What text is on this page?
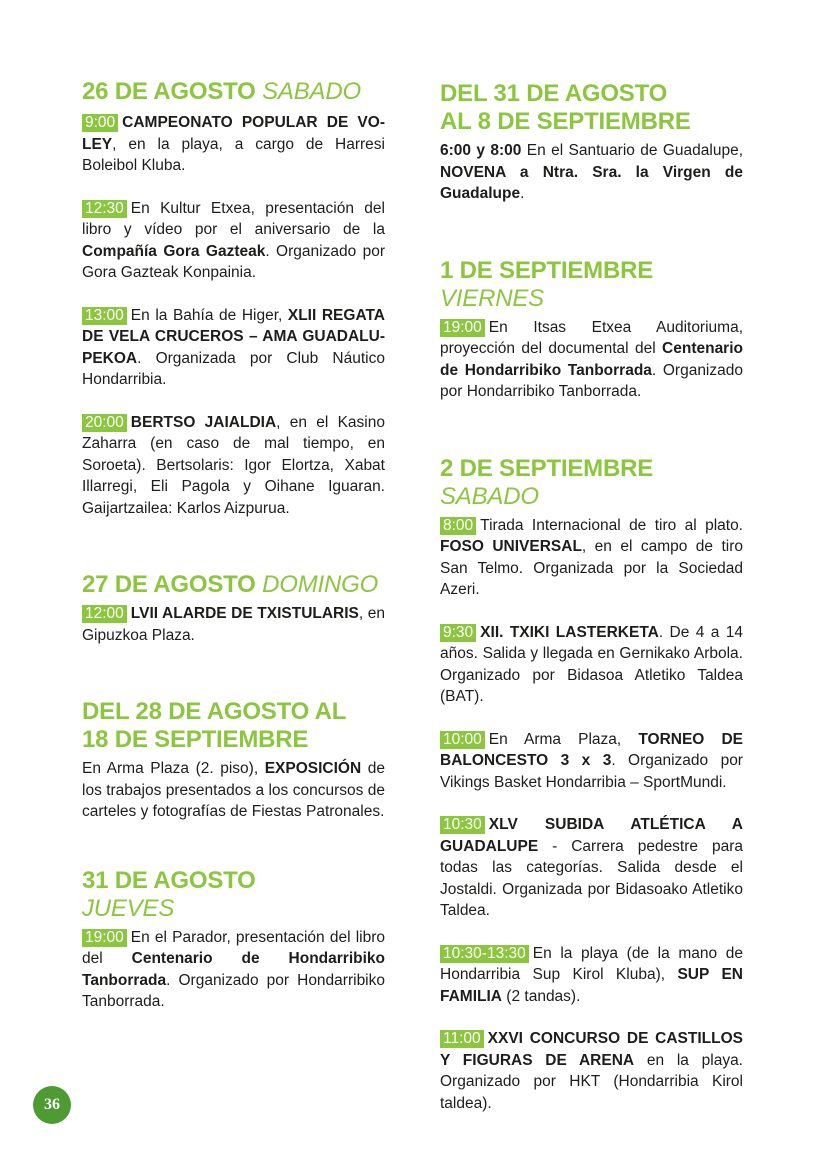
26 DE AGOSTO SABADO

9:00 CAMPEONATO POPULAR DE VO-LEY, en la playa, a cargo de Harresi Boleibol Kluba.

12:30 En Kultur Etxea, presentación del libro y vídeo por el aniversario de la Compañía Gora Gazteak. Organizado por Gora Gazteak Konpainia.

13:00 En la Bahía de Higer, XLII REGATA DE VELA CRUCEROS – AMA GUADALU-PEKOA. Organizada por Club Náutico Hondarribia.

20:00 BERTSO JAIALDIA, en el Kasino Zaharra (en caso de mal tiempo, en Soroeta). Bertsolaris: Igor Elortza, Xabat Illarregi, Eli Pagola y Oihane Iguaran. Gaijartzailea: Karlos Aizpurua.

27 DE AGOSTO DOMINGO

12:00 LVII ALARDE DE TXISTULARIS, en Gipuzkoa Plaza.

DEL 28 DE AGOSTO AL
18 DE SEPTIEMBRE

En Arma Plaza (2. piso), EXPOSICIÓN de los trabajos presentados a los concursos de carteles y fotografías de Fiestas Patronales.

31 DE AGOSTO
JUEVES

19:00 En el Parador, presentación del libro del Centenario de Hondarribiko Tanborrada. Organizado por Hondarribiko Tanborrada.

DEL 31 DE AGOSTO
AL 8 DE SEPTIEMBRE

6:00 y 8:00 En el Santuario de Guadalupe, NOVENA a Ntra. Sra. la Virgen de Guadalupe.

1 DE SEPTIEMBRE VIERNES

19:00 En Itsas Etxea Auditoriuma, proyección del documental del Centenario de Hondarribiko Tanborrada. Organizado por Hondarribiko Tanborrada.

2 DE SEPTIEMBRE SABADO

8:00 Tirada Internacional de tiro al plato. FOSO UNIVERSAL, en el campo de tiro San Telmo. Organizada por la Sociedad Azeri.

9:30 XII. TXIKI LASTERKETA. De 4 a 14 años. Salida y llegada en Gernikako Arbola. Organizado por Bidasoa Atletiko Taldea (BAT).

10:00 En Arma Plaza, TORNEO DE BALONCESTO 3 x 3. Organizado por Vikings Basket Hondarribia – SportMundi.

10:30 XLV SUBIDA ATLÉTICA A GUADALUPE - Carrera pedestre para todas las categorías. Salida desde el Jostaldi. Organizada por Bidasoako Atletiko Taldea.

10:30-13:30 En la playa (de la mano de Hondarribia Sup Kirol Kluba), SUP EN FAMILIA (2 tandas).

11:00 XXVI CONCURSO DE CASTILLOS Y FIGURAS DE ARENA en la playa. Organizado por HKT (Hondarribia Kirol taldea).

36
